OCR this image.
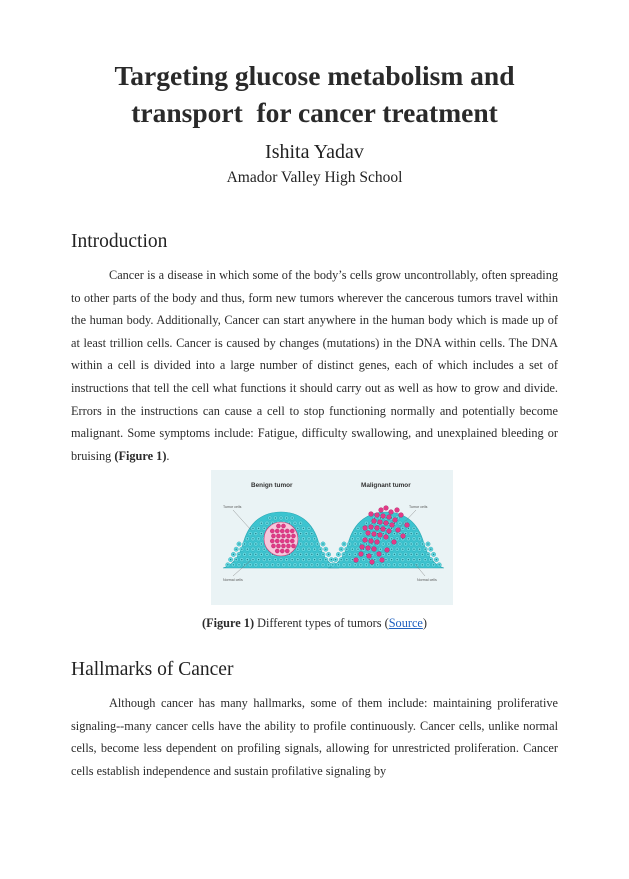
Targeting glucose metabolism and
transport  for cancer treatment
Ishita Yadav
Amador Valley High School
Introduction
Cancer is a disease in which some of the body’s cells grow uncontrollably, often spreading to other parts of the body and thus, form new tumors wherever the cancerous tumors travel within the human body. Additionally, Cancer can start anywhere in the human body which is made up of at least trillion cells. Cancer is caused by changes (mutations) in the DNA within cells. The DNA within a cell is divided into a large number of distinct genes, each of which includes a set of instructions that tell the cell what functions it should carry out as well as how to grow and divide. Errors in the instructions can cause a cell to stop functioning normally and potentially become malignant. Some symptoms include: Fatigue, difficulty swallowing, and unexplained bleeding or bruising (Figure 1).
Benign tumor	Malignant tumor
Tumor cells	Tumor cells
Normal cells	Normal cells
(Figure 1) Different types of tumors (Source)
Hallmarks of Cancer
Although cancer has many hallmarks, some of them include: maintaining proliferative signaling--many cancer cells have the ability to profile continuously. Cancer cells, unlike normal cells, become less dependent on profiling signals, allowing for unrestricted proliferation. Cancer cells establish independence and sustain profilative signaling by
